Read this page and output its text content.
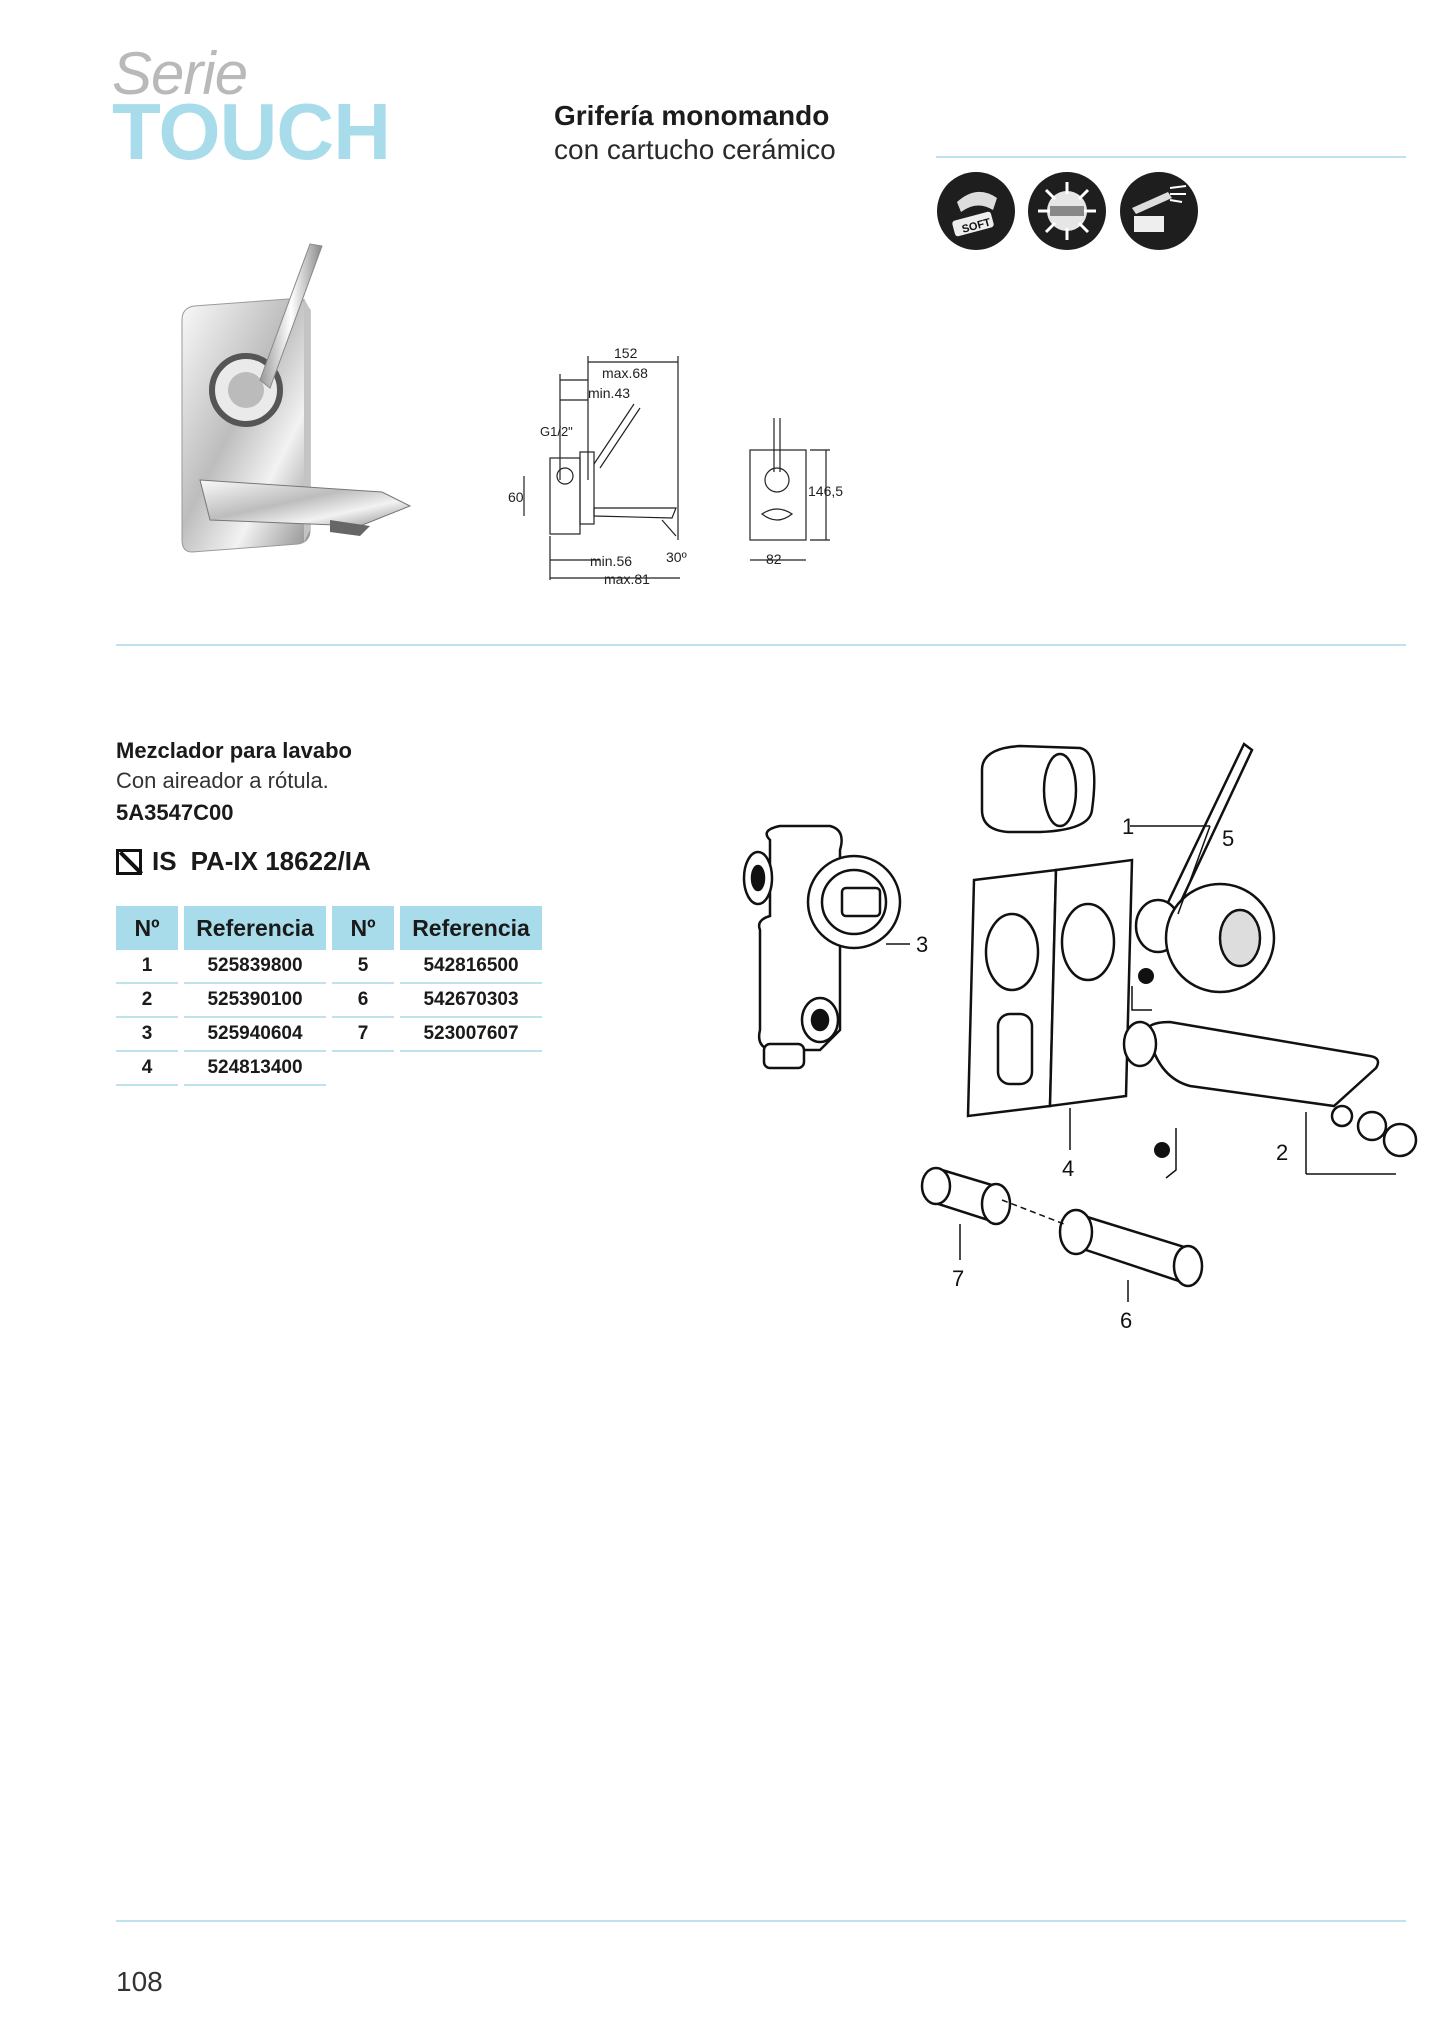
Serie
TOUCH	Grifería monomando
con cartucho cerámico
SOFT
152
max.68
min.43
G1/2"
60
min.56
max.81
30º
146,5
82
Mezclador para lavabo
Con aireador a rótula.
5A3547C00
IS PA-IX 18622/IA
Nº	Referencia	Nº	Referencia
1	525839800	5	542816500
2	525390100	6	542670303
3	525940604	7	523007607
4	524813400		
1
2
3
4
5
6
7
108
